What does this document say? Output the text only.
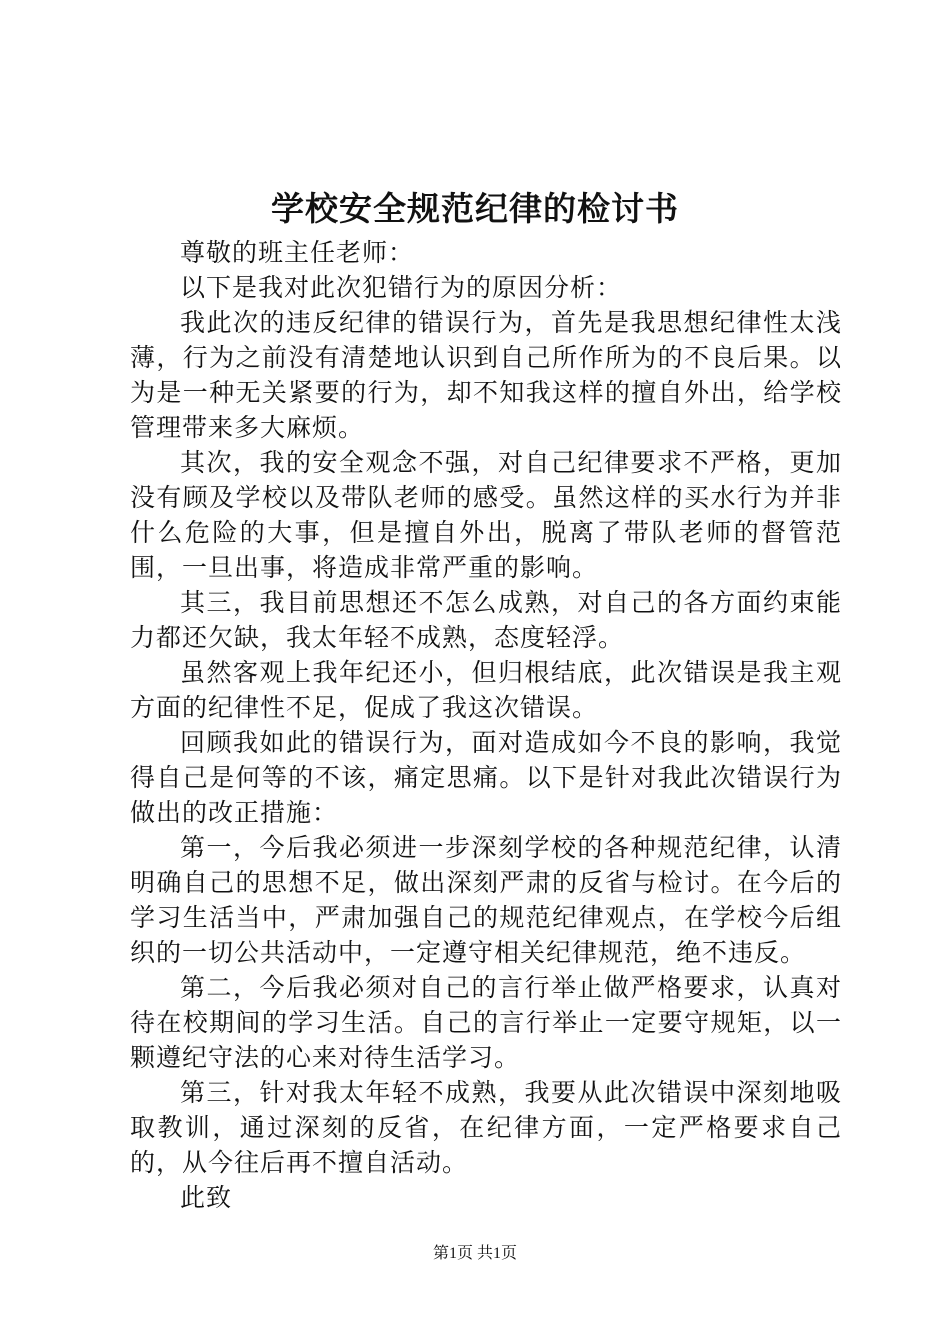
学校安全规范纪律的检讨书

尊敬的班主任老师：

以下是我对此次犯错行为的原因分析：

我此次的违反纪律的错误行为，首先是我思想纪律性太浅薄，行为之前没有清楚地认识到自己所作所为的不良后果。以为是一种无关紧要的行为，却不知我这样的擅自外出，给学校管理带来多大麻烦。

其次，我的安全观念不强，对自己纪律要求不严格，更加没有顾及学校以及带队老师的感受。虽然这样的买水行为并非什么危险的大事，但是擅自外出，脱离了带队老师的督管范围，一旦出事，将造成非常严重的影响。

其三，我目前思想还不怎么成熟，对自己的各方面约束能力都还欠缺，我太年轻不成熟，态度轻浮。

虽然客观上我年纪还小，但归根结底，此次错误是我主观方面的纪律性不足，促成了我这次错误。

回顾我如此的错误行为，面对造成如今不良的影响，我觉得自己是何等的不该，痛定思痛。以下是针对我此次错误行为做出的改正措施：

第一，今后我必须进一步深刻学校的各种规范纪律，认清明确自己的思想不足，做出深刻严肃的反省与检讨。在今后的学习生活当中，严肃加强自己的规范纪律观点，在学校今后组织的一切公共活动中，一定遵守相关纪律规范，绝不违反。

第二，今后我必须对自己的言行举止做严格要求，认真对待在校期间的学习生活。自己的言行举止一定要守规矩，以一颗遵纪守法的心来对待生活学习。

第三，针对我太年轻不成熟，我要从此次错误中深刻地吸取教训，通过深刻的反省，在纪律方面，一定严格要求自己的，从今往后再不擅自活动。

此致

第1页 共1页
